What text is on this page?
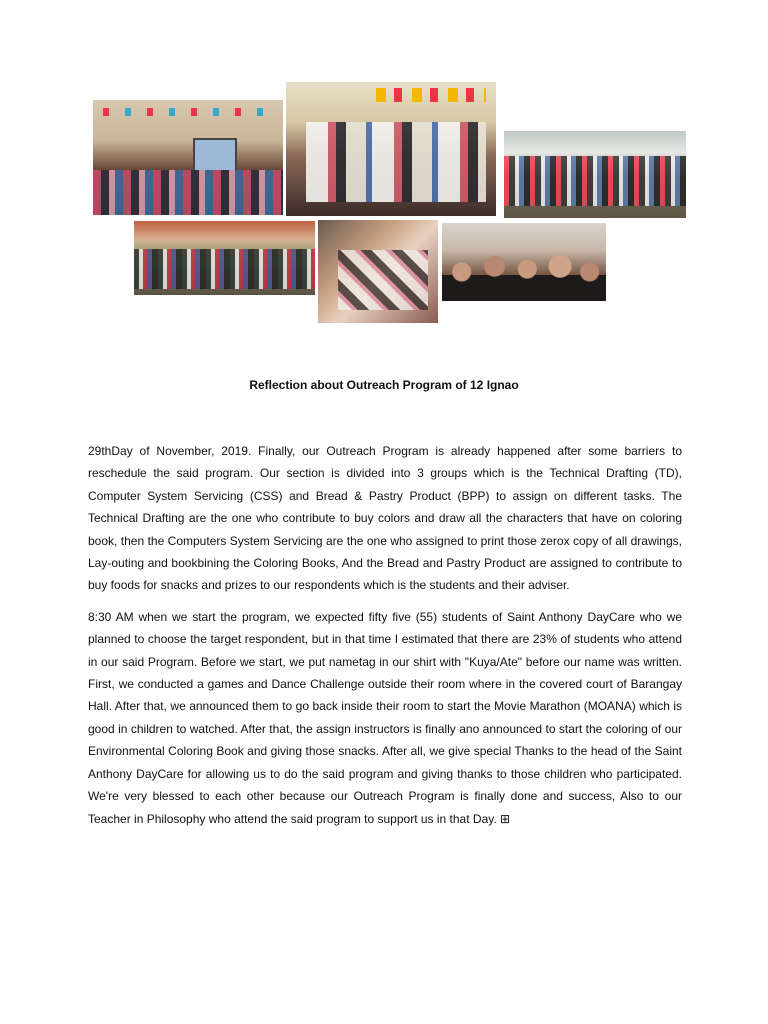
Reflection about Outreach Program of 12 Ignao

29thDay of November, 2019. Finally, our Outreach Program is already happened after some barriers to reschedule the said program. Our section is divided into 3 groups which is the Technical Drafting (TD), Computer System Servicing (CSS) and Bread & Pastry Product (BPP) to assign on different tasks. The Technical Drafting are the one who contribute to buy colors and draw all the characters that have on coloring book, then the Computers System Servicing are the one who assigned to print those zerox copy of all drawings, Lay-outing and bookbining the Coloring Books, And the Bread and Pastry Product are assigned to contribute to buy foods for snacks and prizes to our respondents which is the students and their adviser.

8:30 AM when we start the program, we expected fifty five (55) students of Saint Anthony DayCare who we planned to choose the target respondent, but in that time I estimated that there are 23% of students who attend in our said Program. Before we start, we put nametag in our shirt with "Kuya/Ate" before our name was written. First, we conducted a games and Dance Challenge outside their room where in the covered court of Barangay Hall. After that, we announced them to go back inside their room to start the Movie Marathon (MOANA) which is good in children to watched. After that, the assign instructors is finally ano announced to start the coloring of our Environmental Coloring Book and giving those snacks. After all, we give special Thanks to the head of the Saint Anthony DayCare for allowing us to do the said program and giving thanks to those children who participated. We're very blessed to each other because our Outreach Program is finally done and success, Also to our Teacher in Philosophy who attend the said program to support us in that Day. ⊞
